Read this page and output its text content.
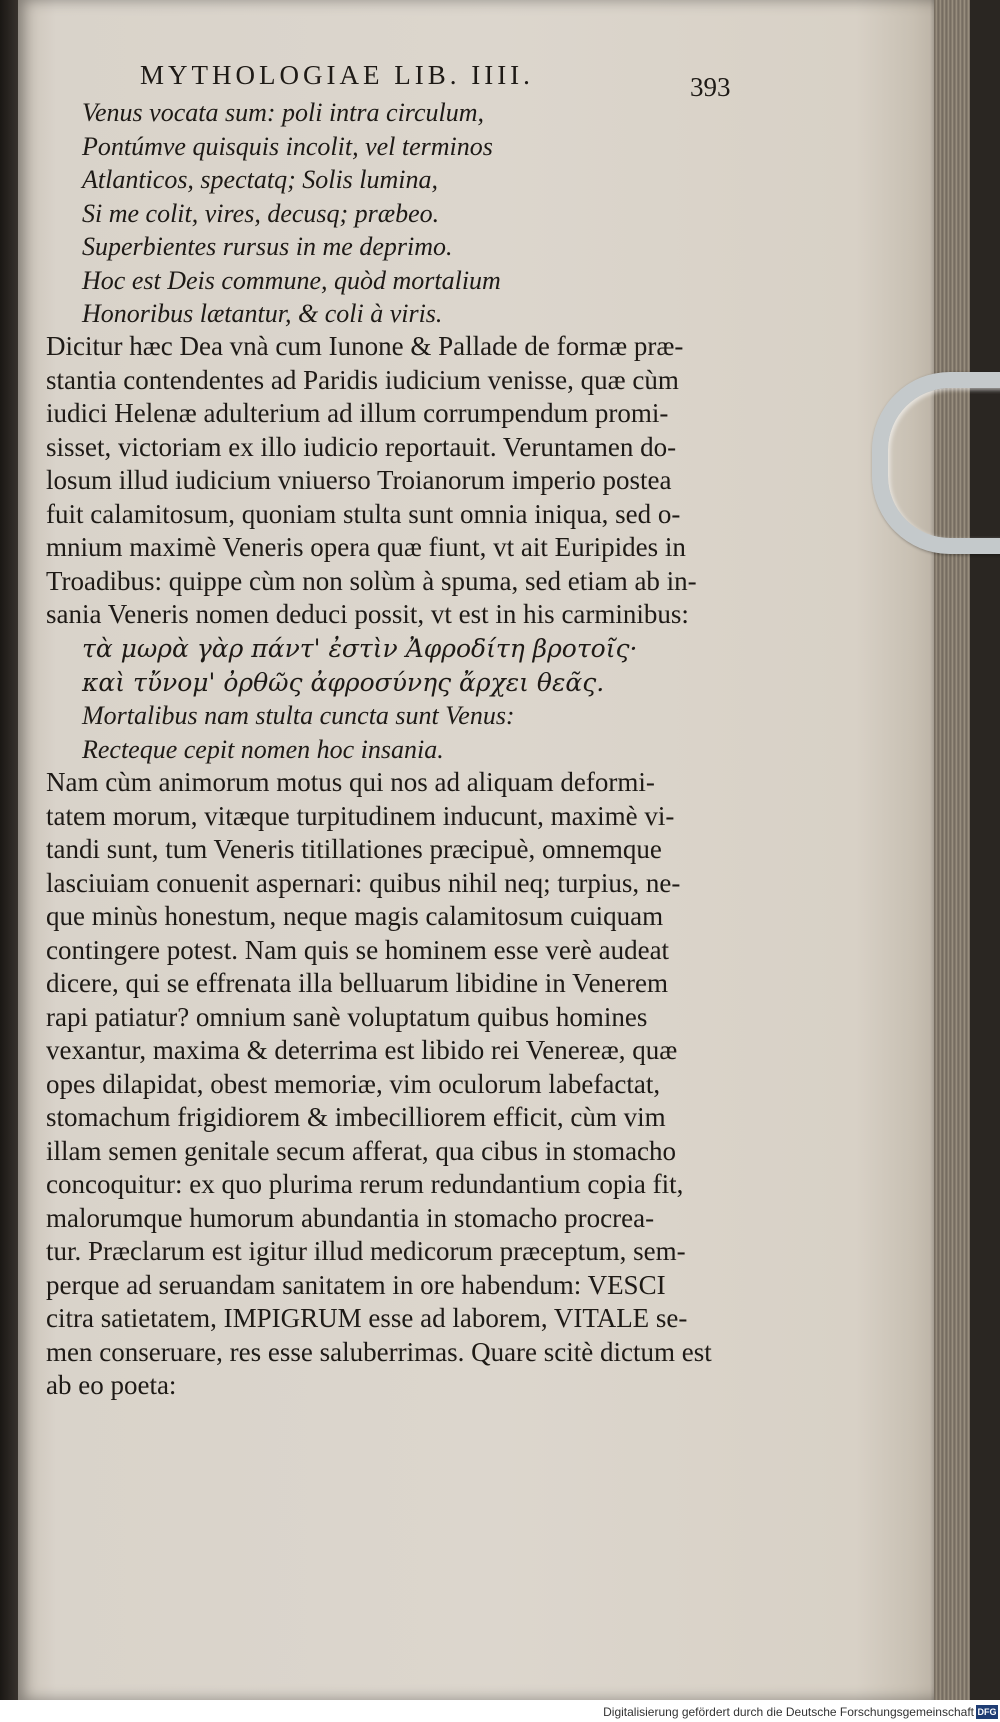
MYTHOLOGIAE LIB. IIII.	393
Venus vocata sum: poli intra circulum,
Pontúmve quisquis incolit, vel terminos
Atlanticos, spectatq; Solis lumina,
Si me colit, vires, decusq; præbeo.
Superbientes rursus in me deprimo.
Hoc est Deis commune, quòd mortalium
Honoribus lætantur, & coli à viris.
Dicitur hæc Dea vnà cum Iunone & Pallade de formæ præ-
stantia contendentes ad Paridis iudicium venisse, quæ cùm
iudici Helenæ adulterium ad illum corrumpendum promi-
sisset, victoriam ex illo iudicio reportauit. Veruntamen do-
losum illud iudicium vniuerso Troianorum imperio postea
fuit calamitosum, quoniam stulta sunt omnia iniqua, sed o-
mnium maximè Veneris opera quæ fiunt, vt ait Euripides in
Troadibus: quippe cùm non solùm à spuma, sed etiam ab in-
sania Veneris nomen deduci possit, vt est in his carminibus:
τὰ μωρὰ γὰρ πάντ' ἐστὶν Ἀφροδίτη βροτοῖς·
καὶ τὔνομ' ὀρθῶς ἀφροσύνης ἄρχει θεᾶς.
Mortalibus nam stulta cuncta sunt Venus:
Recteque cepit nomen hoc insania.
Nam cùm animorum motus qui nos ad aliquam deformi-
tatem morum, vitæque turpitudinem inducunt, maximè vi-
tandi sunt, tum Veneris titillationes præcipuè, omnemque
lasciuiam conuenit aspernari: quibus nihil neq; turpius, ne-
que minùs honestum, neque magis calamitosum cuiquam
contingere potest. Nam quis se hominem esse verè audeat
dicere, qui se effrenata illa belluarum libidine in Venerem
rapi patiatur? omnium sanè voluptatum quibus homines
vexantur, maxima & deterrima est libido rei Venereæ, quæ
opes dilapidat, obest memoriæ, vim oculorum labefactat,
stomachum frigidiorem & imbecilliorem efficit, cùm vim
illam semen genitale secum afferat, qua cibus in stomacho
concoquitur: ex quo plurima rerum redundantium copia fit,
malorumque humorum abundantia in stomacho procrea-
tur. Præclarum est igitur illud medicorum præceptum, sem-
perque ad seruandam sanitatem in ore habendum: VESCI
citra satietatem, IMPIGRUM esse ad laborem, VITALE se-
men conseruare, res esse saluberrimas. Quare scitè dictum est
ab eo poeta:
Digitalisierung gefördert durch die Deutsche Forschungsgemeinschaft DFG
